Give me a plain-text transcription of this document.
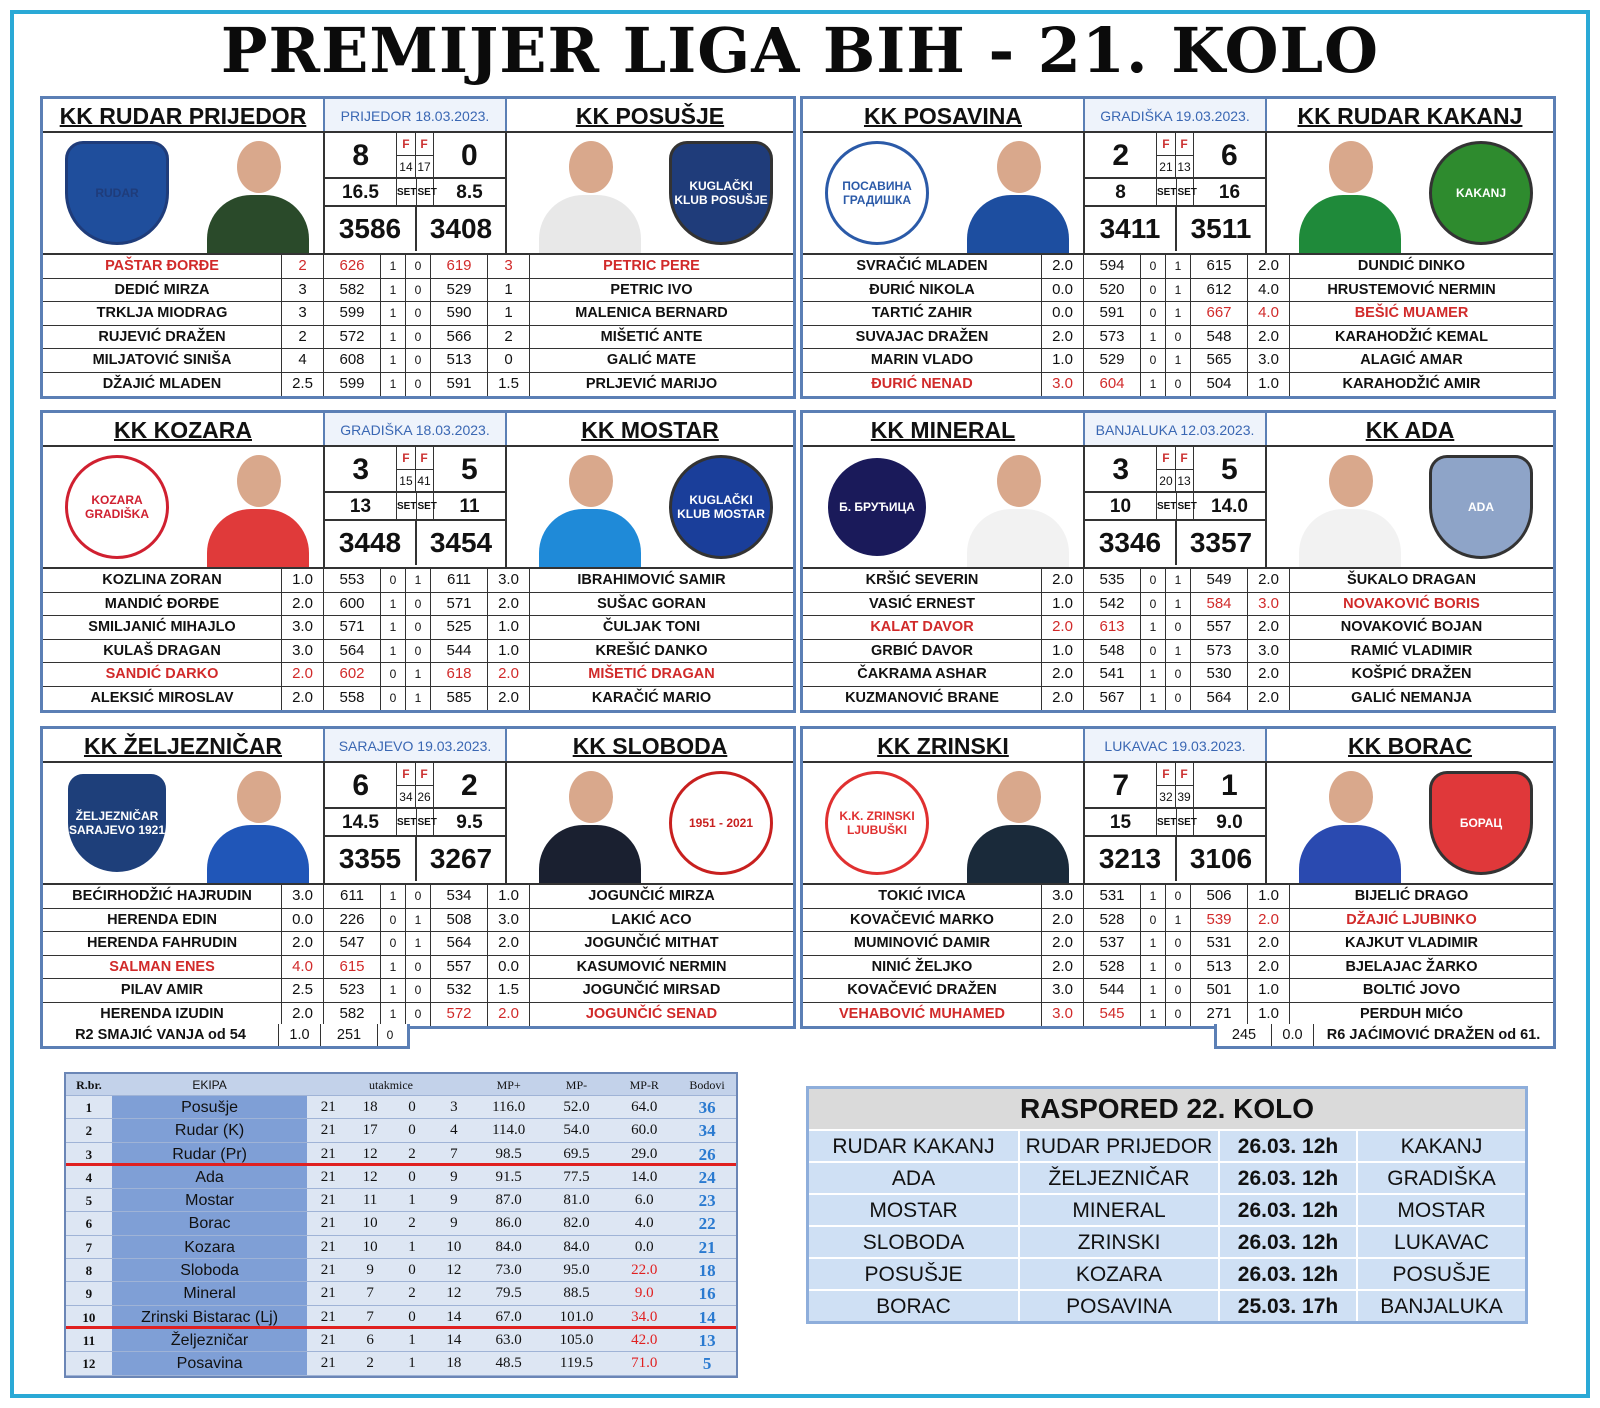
PREMIJER LIGA BIH - 21. KOLO
KK RUDAR PRIJEDOR	PRIJEDOR 18.03.2023.	KK POSUŠJE
RUDAR
8	F
14
F
17	0
16.5	SET SET	8.5
3586	3408
KUGLAČKI KLUB POSUŠJE
PAŠTAR ĐORĐE	2	626	1	0	619	3	PETRIC PERE
DEDIĆ MIRZA	3	582	1	0	529	1	PETRIC IVO
TRKLJA MIODRAG	3	599	1	0	590	1	MALENICA BERNARD
RUJEVIĆ DRAŽEN	2	572	1	0	566	2	MIŠETIĆ ANTE
MILJATOVIĆ SINIŠA	4	608	1	0	513	0	GALIĆ MATE
DŽAJIĆ MLADEN	2.5	599	1	0	591	1.5	PRLJEVIĆ MARIJO
KK POSAVINA	GRADIŠKA 19.03.2023.	KK RUDAR KAKANJ
ПОСАВИНА ГРАДИШКА
2	F
21
F
13	6
8	SET SET	16
3411	3511
KAKANJ
SVRAČIĆ MLADEN	2.0	594	0	1	615	2.0	DUNDIĆ DINKO
ĐURIĆ NIKOLA	0.0	520	0	1	612	4.0	HRUSTEMOVIĆ NERMIN
TARTIĆ ZAHIR	0.0	591	0	1	667	4.0	BEŠIĆ MUAMER
SUVAJAC DRAŽEN	2.0	573	1	0	548	2.0	KARAHODŽIĆ KEMAL
MARIN VLADO	1.0	529	0	1	565	3.0	ALAGIĆ AMAR
ĐURIĆ NENAD	3.0	604	1	0	504	1.0	KARAHODŽIĆ AMIR
KK KOZARA	GRADIŠKA 18.03.2023.	KK MOSTAR
KOZARA GRADIŠKA
3	F
15
F
41	5
13	SET SET	11
3448	3454
KUGLAČKI KLUB MOSTAR
KOZLINA ZORAN	1.0	553	0	1	611	3.0	IBRAHIMOVIĆ SAMIR
MANDIĆ ĐORĐE	2.0	600	1	0	571	2.0	SUŠAC GORAN
SMILJANIĆ MIHAJLO	3.0	571	1	0	525	1.0	ČULJAK TONI
KULAŠ DRAGAN	3.0	564	1	0	544	1.0	KREŠIĆ DANKO
SANDIĆ DARKO	2.0	602	0	1	618	2.0	MIŠETIĆ DRAGAN
ALEKSIĆ MIROSLAV	2.0	558	0	1	585	2.0	KARAČIĆ MARIO
KK MINERAL	BANJALUKA 12.03.2023.	KK ADA
Б. БРУЋИЦА
3	F
20
F
13	5
10	SET SET 14.0
3346	3357
ADA
KRŠIĆ SEVERIN	2.0	535	0	1	549	2.0	ŠUKALO DRAGAN
VASIĆ ERNEST	1.0	542	0	1	584	3.0	NOVAKOVIĆ BORIS
KALAT DAVOR	2.0	613	1	0	557	2.0	NOVAKOVIĆ BOJAN
GRBIĆ DAVOR	1.0	548	0	1	573	3.0	RAMIĆ VLADIMIR
ČAKRAMA ASHAR	2.0	541	1	0	530	2.0	KOŠPIĆ DRAŽEN
KUZMANOVIĆ BRANE	2.0	567	1	0	564	2.0	GALIĆ NEMANJA
KK ŽELJEZNIČAR	SARAJEVO 19.03.2023.	KK SLOBODA
ŽELJEZNIČAR SARAJEVO 1921
6	F
34
F
26	2
14.5	SET SET	9.5
3355	3267
1951 - 2021
BEĆIRHODŽIĆ HAJRUDIN	3.0	611	1	0	534	1.0	JOGUNČIĆ MIRZA
HERENDA EDIN	0.0	226	0	1	508	3.0	LAKIĆ ACO
HERENDA FAHRUDIN	2.0	547	0	1	564	2.0	JOGUNČIĆ MITHAT
SALMAN ENES	4.0	615	1	0	557	0.0	KASUMOVIĆ NERMIN
PILAV AMIR	2.5	523	1	0	532	1.5	JOGUNČIĆ MIRSAD
HERENDA IZUDIN	2.0	582	1	0	572	2.0	JOGUNČIĆ SENAD
R2 SMAJIĆ VANJA od 54	1.0	251	0
KK ZRINSKI	LUKAVAC 19.03.2023.	KK BORAC
K.K. ZRINSKI LJUBUŠKI
7	F
32
F
39	1
15	SET SET	9.0
3213	3106
БОРАЦ
TOKIĆ IVICA	3.0	531	1	0	506	1.0	BIJELIĆ DRAGO
KOVAČEVIĆ MARKO	2.0	528	0	1	539	2.0	DŽAJIĆ LJUBINKO
MUMINOVIĆ DAMIR	2.0	537	1	0	531	2.0	KAJKUT VLADIMIR
NINIĆ ŽELJKO	2.0	528	1	0	513	2.0	BJELAJAC ŽARKO
KOVAČEVIĆ DRAŽEN	3.0	544	1	0	501	1.0	BOLTIĆ JOVO
VEHABOVIĆ MUHAMED	3.0	545	1	0	271	1.0	PERDUH MIĆO
245	0.0	R6 JAĆIMOVIĆ DRAŽEN od 61.
R.br.	EKIPA	utakmice	MP+	MP-	MP-R	Bodovi
1	Posušje	21	18	0	3	116.0	52.0	64.0	36
2	Rudar (K)	21	17	0	4	114.0	54.0	60.0	34
3	Rudar (Pr)	21	12	2	7	98.5	69.5	29.0	26
4	Ada	21	12	0	9	91.5	77.5	14.0	24
5	Mostar	21	11	1	9	87.0	81.0	6.0	23
6	Borac	21	10	2	9	86.0	82.0	4.0	22
7	Kozara	21	10	1	10	84.0	84.0	0.0	21
8	Sloboda	21	9	0	12	73.0	95.0	22.0	18
9	Mineral	21	7	2	12	79.5	88.5	9.0	16
10	Zrinski Bistarac (Lj)	21	7	0	14	67.0	101.0	34.0	14
11	Željezničar	21	6	1	14	63.0	105.0	42.0	13
12	Posavina	21	2	1	18	48.5	119.5	71.0	5
RASPORED 22. KOLO
RUDAR KAKANJ	RUDAR PRIJEDOR	26.03. 12h	KAKANJ
ADA	ŽELJEZNIČAR	26.03. 12h	GRADIŠKA
MOSTAR	MINERAL	26.03. 12h	MOSTAR
SLOBODA	ZRINSKI	26.03. 12h	LUKAVAC
POSUŠJE	KOZARA	26.03. 12h	POSUŠJE
BORAC	POSAVINA	25.03. 17h	BANJALUKA
